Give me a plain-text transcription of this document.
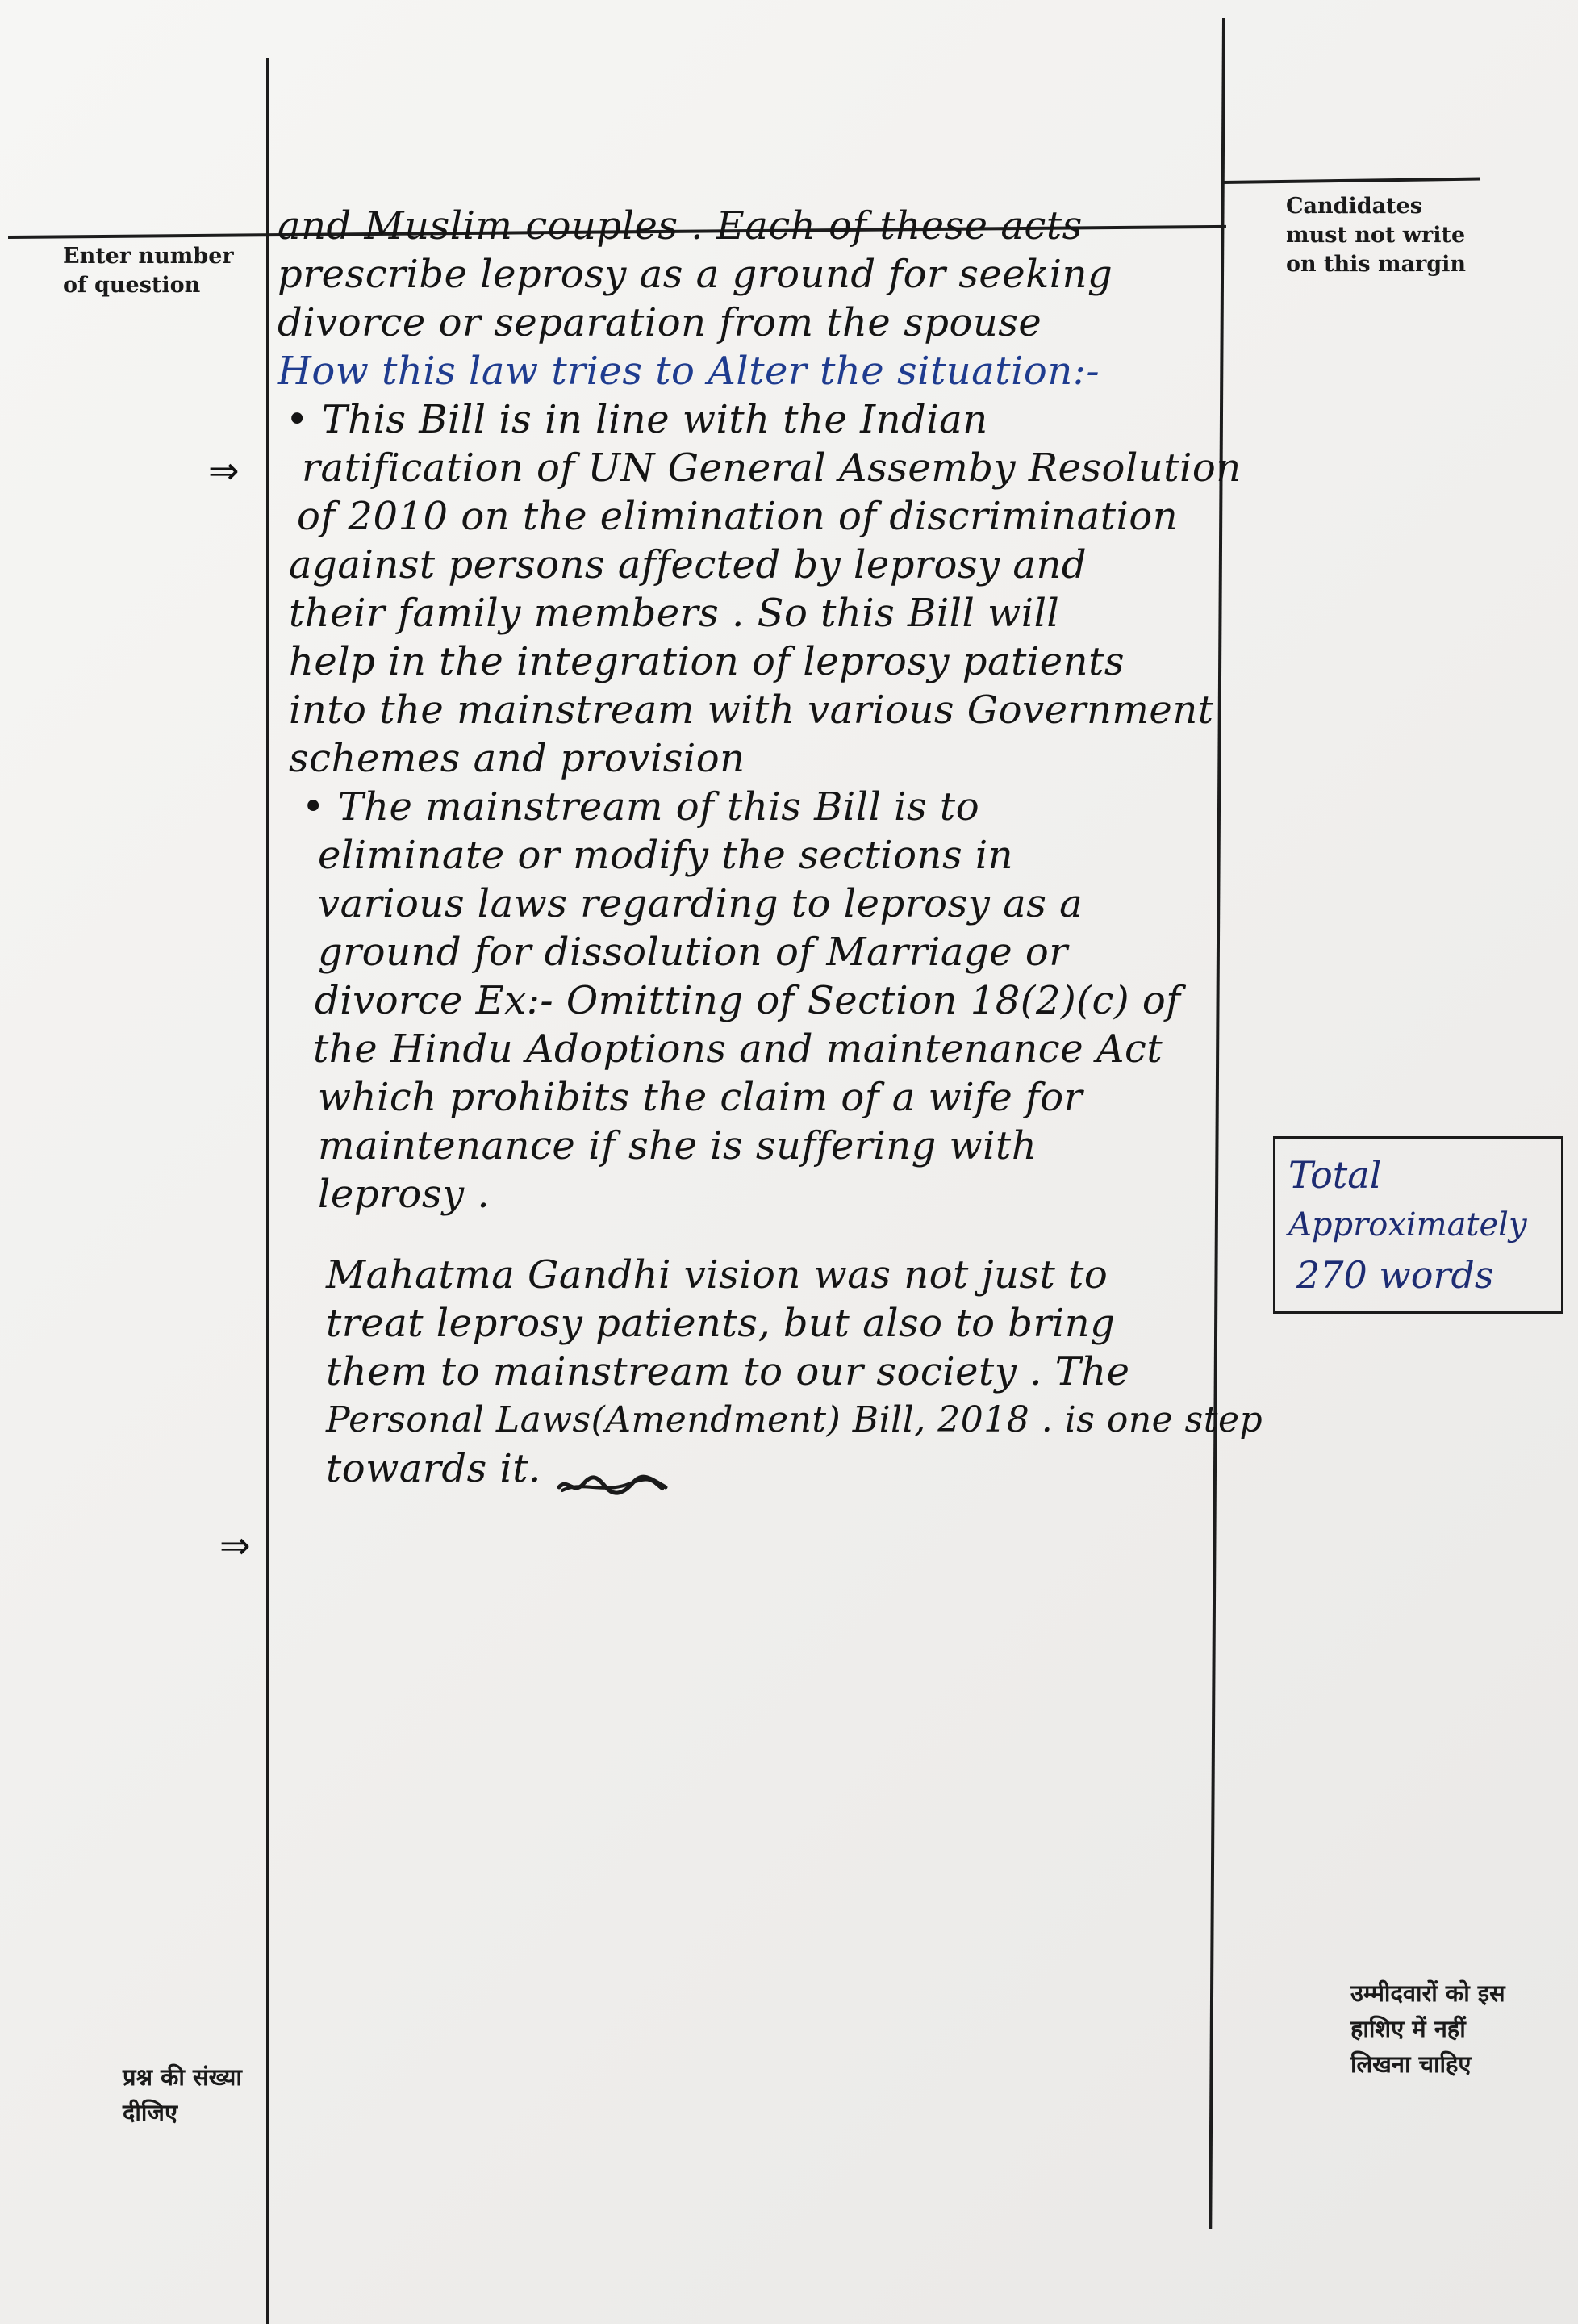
Enter number
of question

Candidates
must not write
on this margin

प्रश्न की संख्या
दीजिए

उम्मीदवारों को इस
हाशिए में नहीं
लिखना चाहिए

⇒
⇒
and Muslim couples . Each of these acts
prescribe leprosy as a ground for seeking
divorce or separation from the spouse
How this law tries to Alter the situation:-
• This Bill is in line with the Indian
ratification of UN General Assemby Resolution
of 2010 on the elimination of discrimination
against persons affected by leprosy and
their family members . So this Bill will
help in the integration of leprosy patients
into the mainstream with various Government
schemes and provision
• The mainstream of this Bill is to
eliminate or modify the sections in
various laws regarding to leprosy as a
ground for dissolution of Marriage or
divorce Ex:- Omitting of Section 18(2)(c) of
the Hindu Adoptions and maintenance Act
which prohibits the claim of a wife for
maintenance if she is suffering with
leprosy .
Mahatma Gandhi vision was not just to
treat leprosy patients, but also to bring
them to mainstream to our society . The
Personal Laws(Amendment) Bill, 2018 . is one step
towards it.
Total
Approximately
270 words
